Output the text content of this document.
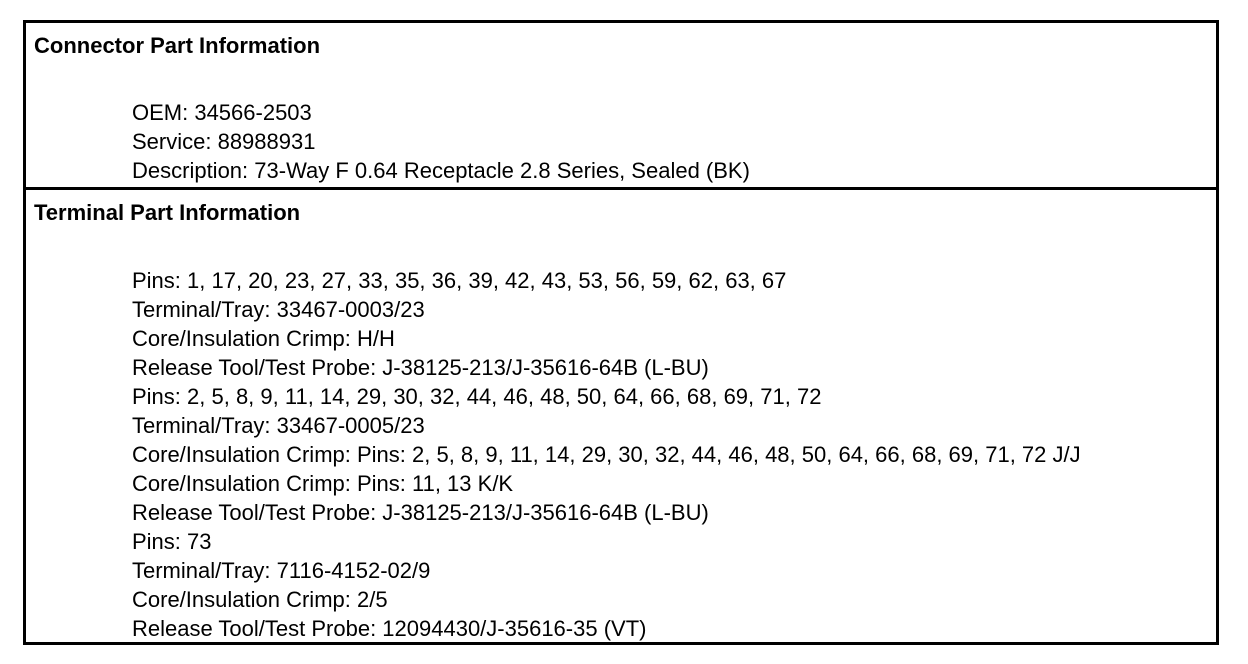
Connector Part Information
OEM: 34566-2503
Service: 88988931
Description: 73-Way F 0.64 Receptacle 2.8 Series, Sealed (BK)
Terminal Part Information
Pins: 1, 17, 20, 23, 27, 33, 35, 36, 39, 42, 43, 53, 56, 59, 62, 63, 67
Terminal/Tray: 33467-0003/23
Core/Insulation Crimp: H/H
Release Tool/Test Probe: J-38125-213/J-35616-64B (L-BU)
Pins: 2, 5, 8, 9, 11, 14, 29, 30, 32, 44, 46, 48, 50, 64, 66, 68, 69, 71, 72
Terminal/Tray: 33467-0005/23
Core/Insulation Crimp: Pins: 2, 5, 8, 9, 11, 14, 29, 30, 32, 44, 46, 48, 50, 64, 66, 68, 69, 71, 72 J/J
Core/Insulation Crimp: Pins: 11, 13 K/K
Release Tool/Test Probe: J-38125-213/J-35616-64B (L-BU)
Pins: 73
Terminal/Tray: 7116-4152-02/9
Core/Insulation Crimp: 2/5
Release Tool/Test Probe: 12094430/J-35616-35 (VT)
